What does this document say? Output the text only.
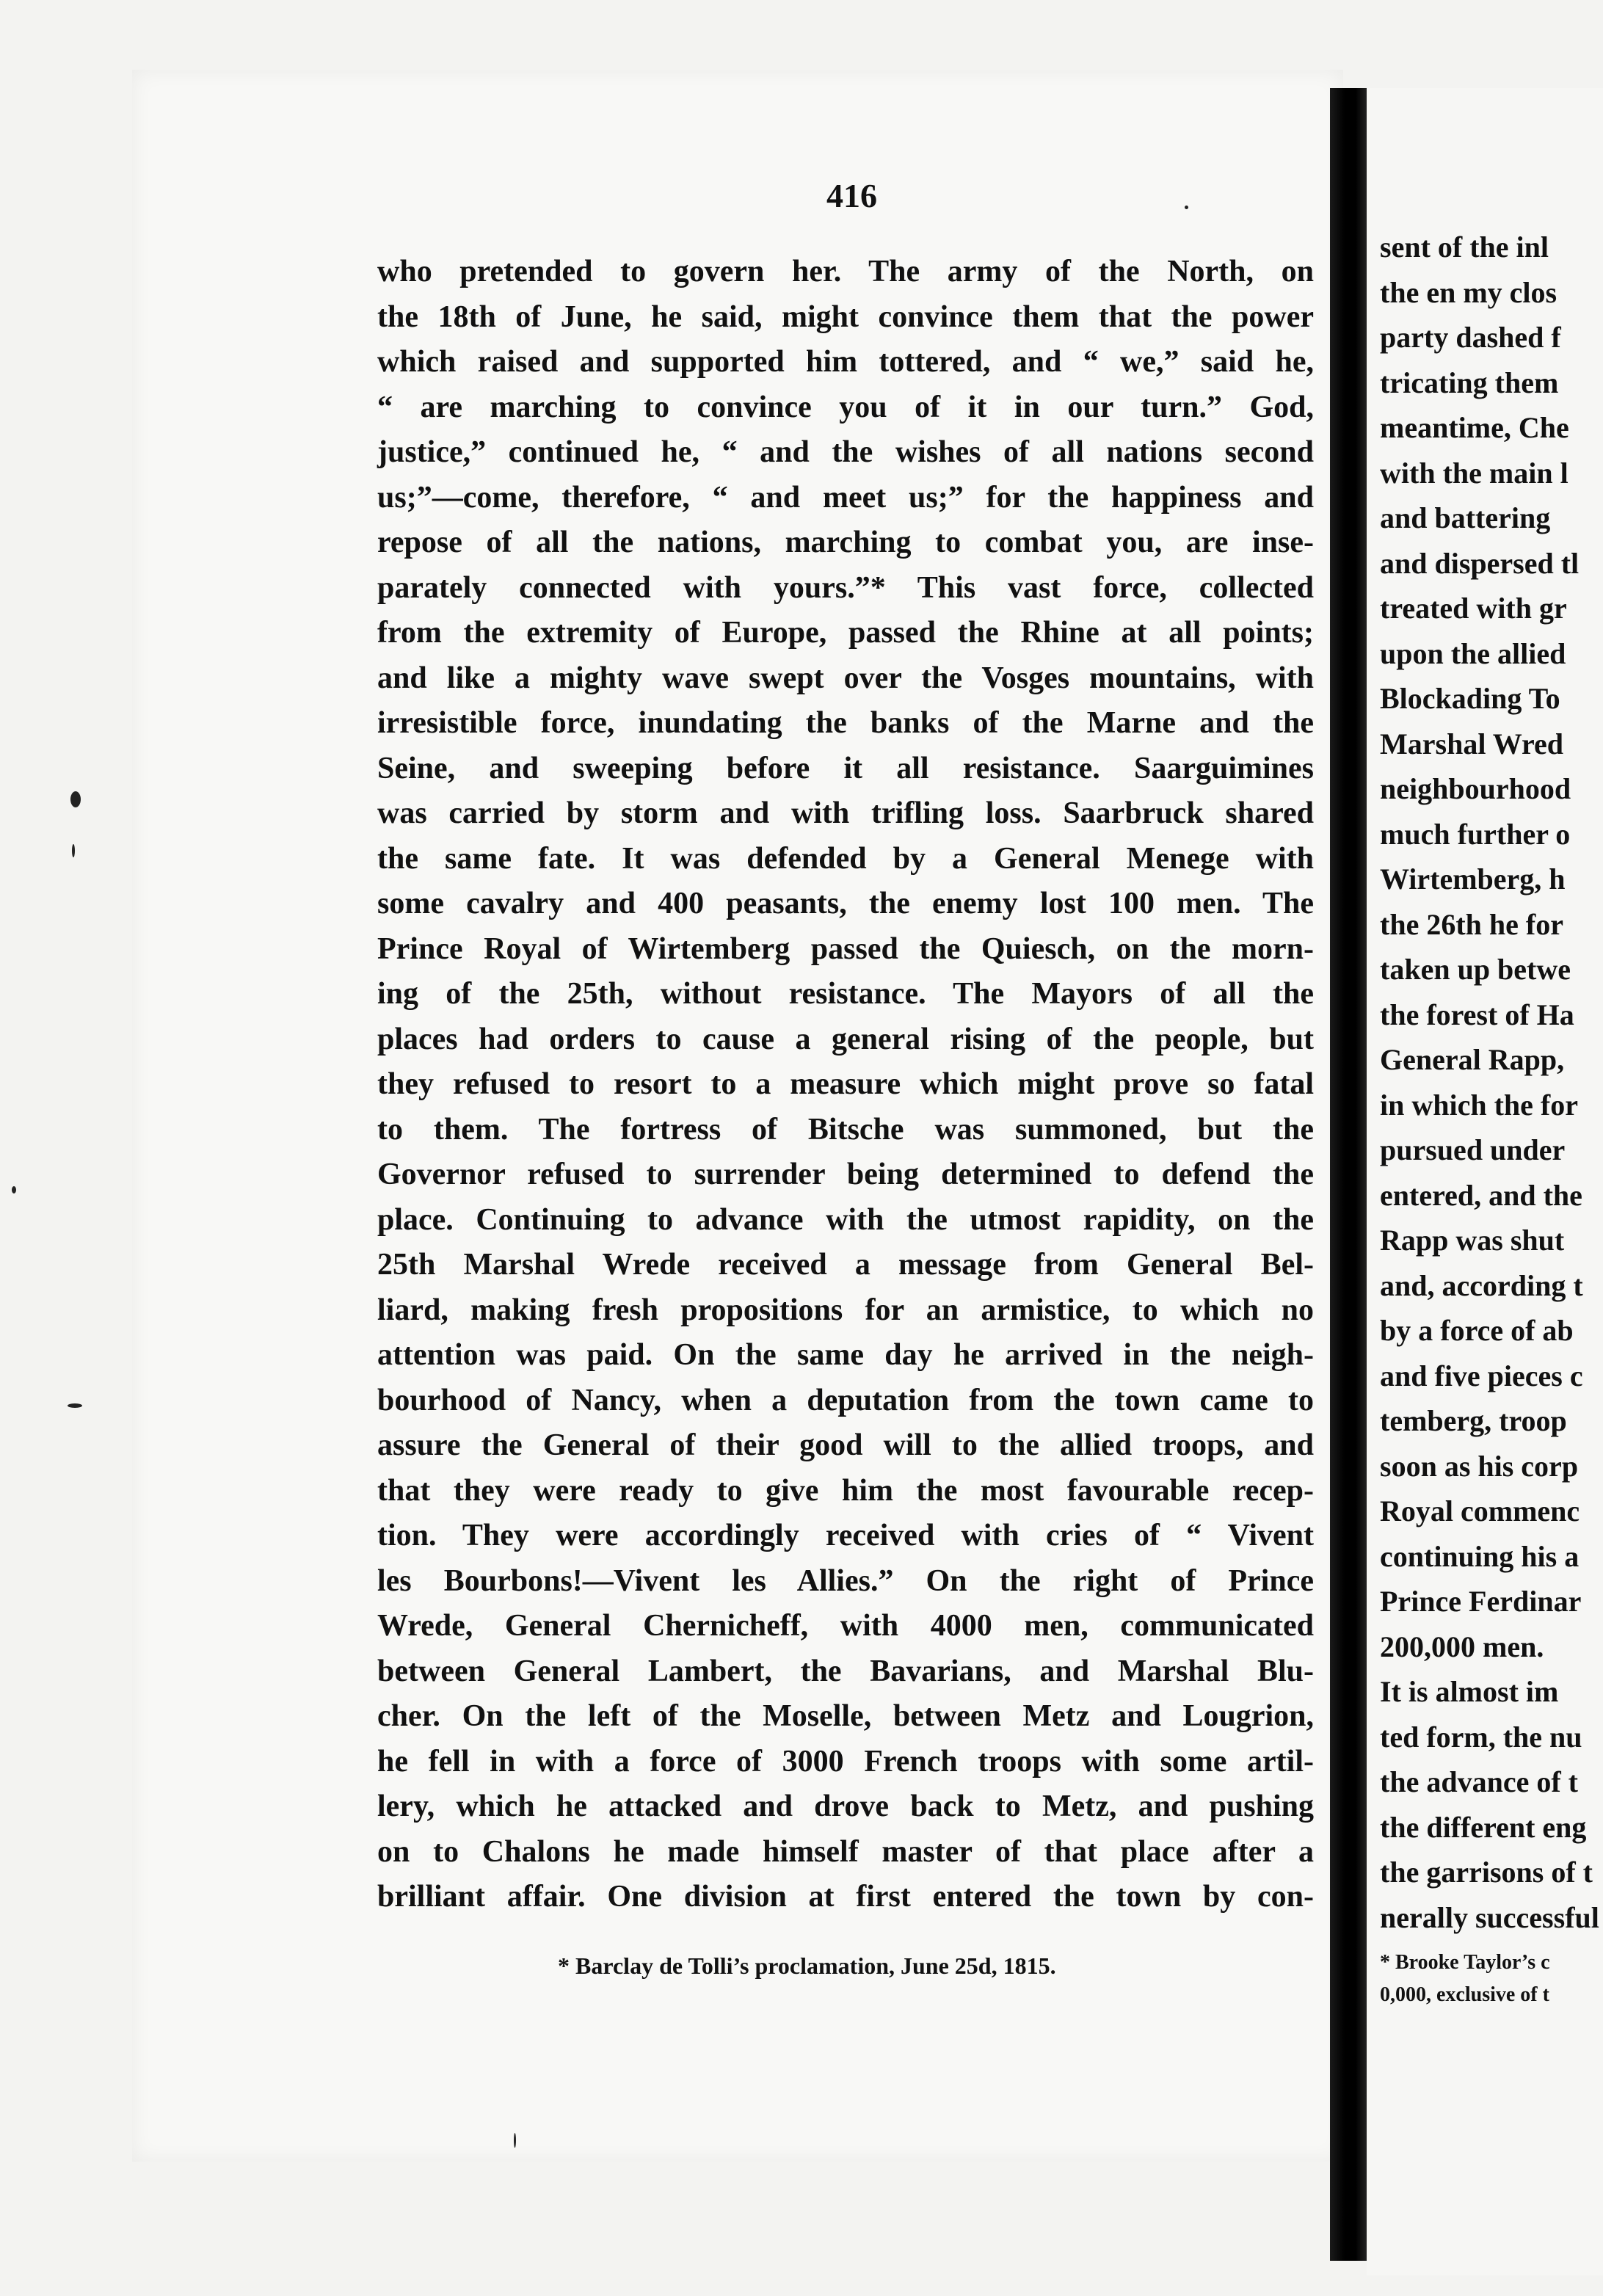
416
who pretended to govern her. The army of the North, on
the 18th of June, he said, might convince them that the power
which raised and supported him tottered, and “ we,” said he,
“ are marching to convince you of it in our turn.” God,
justice,” continued he, “ and the wishes of all nations second
us;”—come, therefore, “ and meet us;” for the happiness and
repose of all the nations, marching to combat you, are inse-
parately connected with yours.”* This vast force, collected
from the extremity of Europe, passed the Rhine at all points;
and like a mighty wave swept over the Vosges mountains, with
irresistible force, inundating the banks of the Marne and the
Seine, and sweeping before it all resistance. Saarguimines
was carried by storm and with trifling loss. Saarbruck shared
the same fate. It was defended by a General Menege with
some cavalry and 400 peasants, the enemy lost 100 men. The
Prince Royal of Wirtemberg passed the Quiesch, on the morn-
ing of the 25th, without resistance. The Mayors of all the
places had orders to cause a general rising of the people, but
they refused to resort to a measure which might prove so fatal
to them. The fortress of Bitsche was summoned, but the
Governor refused to surrender being determined to defend the
place. Continuing to advance with the utmost rapidity, on the
25th Marshal Wrede received a message from General Bel-
liard, making fresh propositions for an armistice, to which no
attention was paid. On the same day he arrived in the neigh-
bourhood of Nancy, when a deputation from the town came to
assure the General of their good will to the allied troops, and
that they were ready to give him the most favourable recep-
tion. They were accordingly received with cries of “ Vivent
les Bourbons!—Vivent les Allies.” On the right of Prince
Wrede, General Chernicheff, with 4000 men, communicated
between General Lambert, the Bavarians, and Marshal Blu-
cher. On the left of the Moselle, between Metz and Lougrion,
he fell in with a force of 3000 French troops with some artil-
lery, which he attacked and drove back to Metz, and pushing
on to Chalons he made himself master of that place after a
brilliant affair. One division at first entered the town by con-
* Barclay de Tolli’s proclamation, June 25d, 1815.
sent of the inl
the en my clos
party dashed f
tricating them
meantime, Che
with the main l
and battering
and dispersed tl
treated with gr
upon the allied
Blockading To
Marshal Wred
neighbourhood
much further o
Wirtemberg, h
the 26th he for
taken up betwe
the forest of Ha
General Rapp,
in which the for
pursued under
entered, and the
Rapp was shut
and, according t
by a force of ab
and five pieces c
temberg, troop
soon as his corp
Royal commenc
continuing his a
Prince Ferdinar
200,000 men.
It is almost im
ted form, the nu
the advance of t
the different eng
the garrisons of t
nerally successful
* Brooke Taylor’s c
0,000, exclusive of t
